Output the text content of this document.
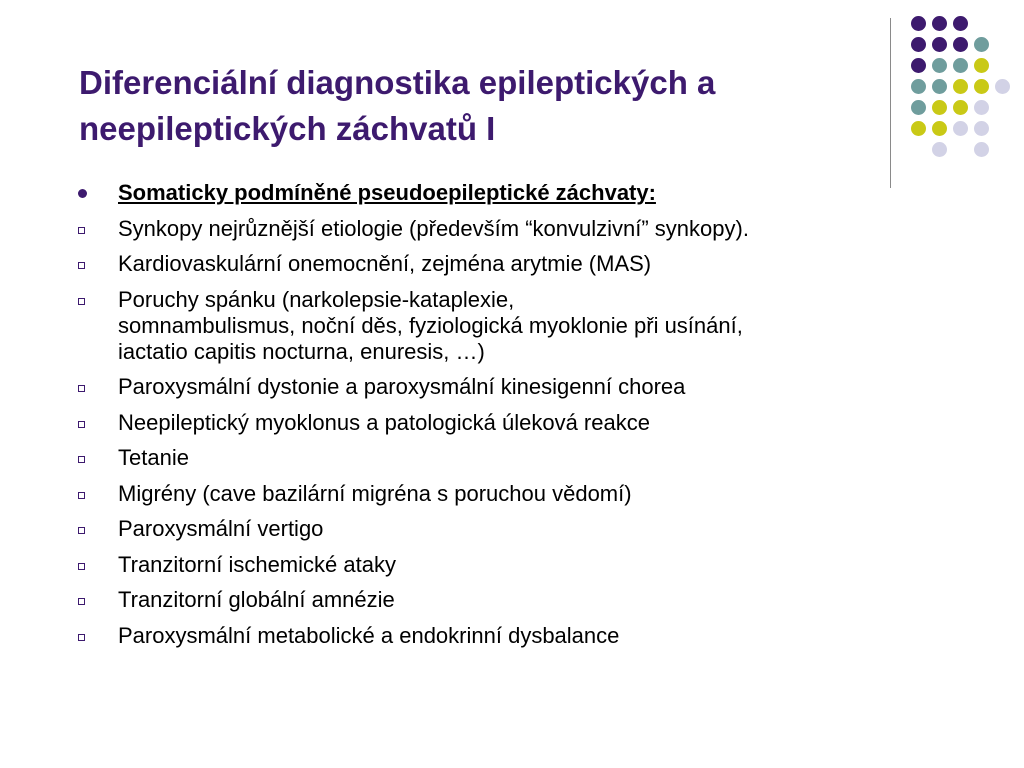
Diferenciální diagnostika epileptických a
neepileptických záchvatů I
Somaticky podmíněné pseudoepileptické záchvaty:
Synkopy nejrůznější etiologie (především “konvulzivní” synkopy).
Kardiovaskulární onemocnění, zejména arytmie (MAS)
Poruchy spánku (narkolepsie-kataplexie,
somnambulismus, noční děs, fyziologická myoklonie při usínání,
iactatio capitis nocturna, enuresis, …)
Paroxysmální dystonie a paroxysmální kinesigenní chorea
Neepileptický myoklonus a patologická úleková reakce
Tetanie
Migrény (cave bazilární migréna s poruchou vědomí)
Paroxysmální vertigo
Tranzitorní ischemické ataky
Tranzitorní globální amnézie
Paroxysmální metabolické a endokrinní dysbalance
